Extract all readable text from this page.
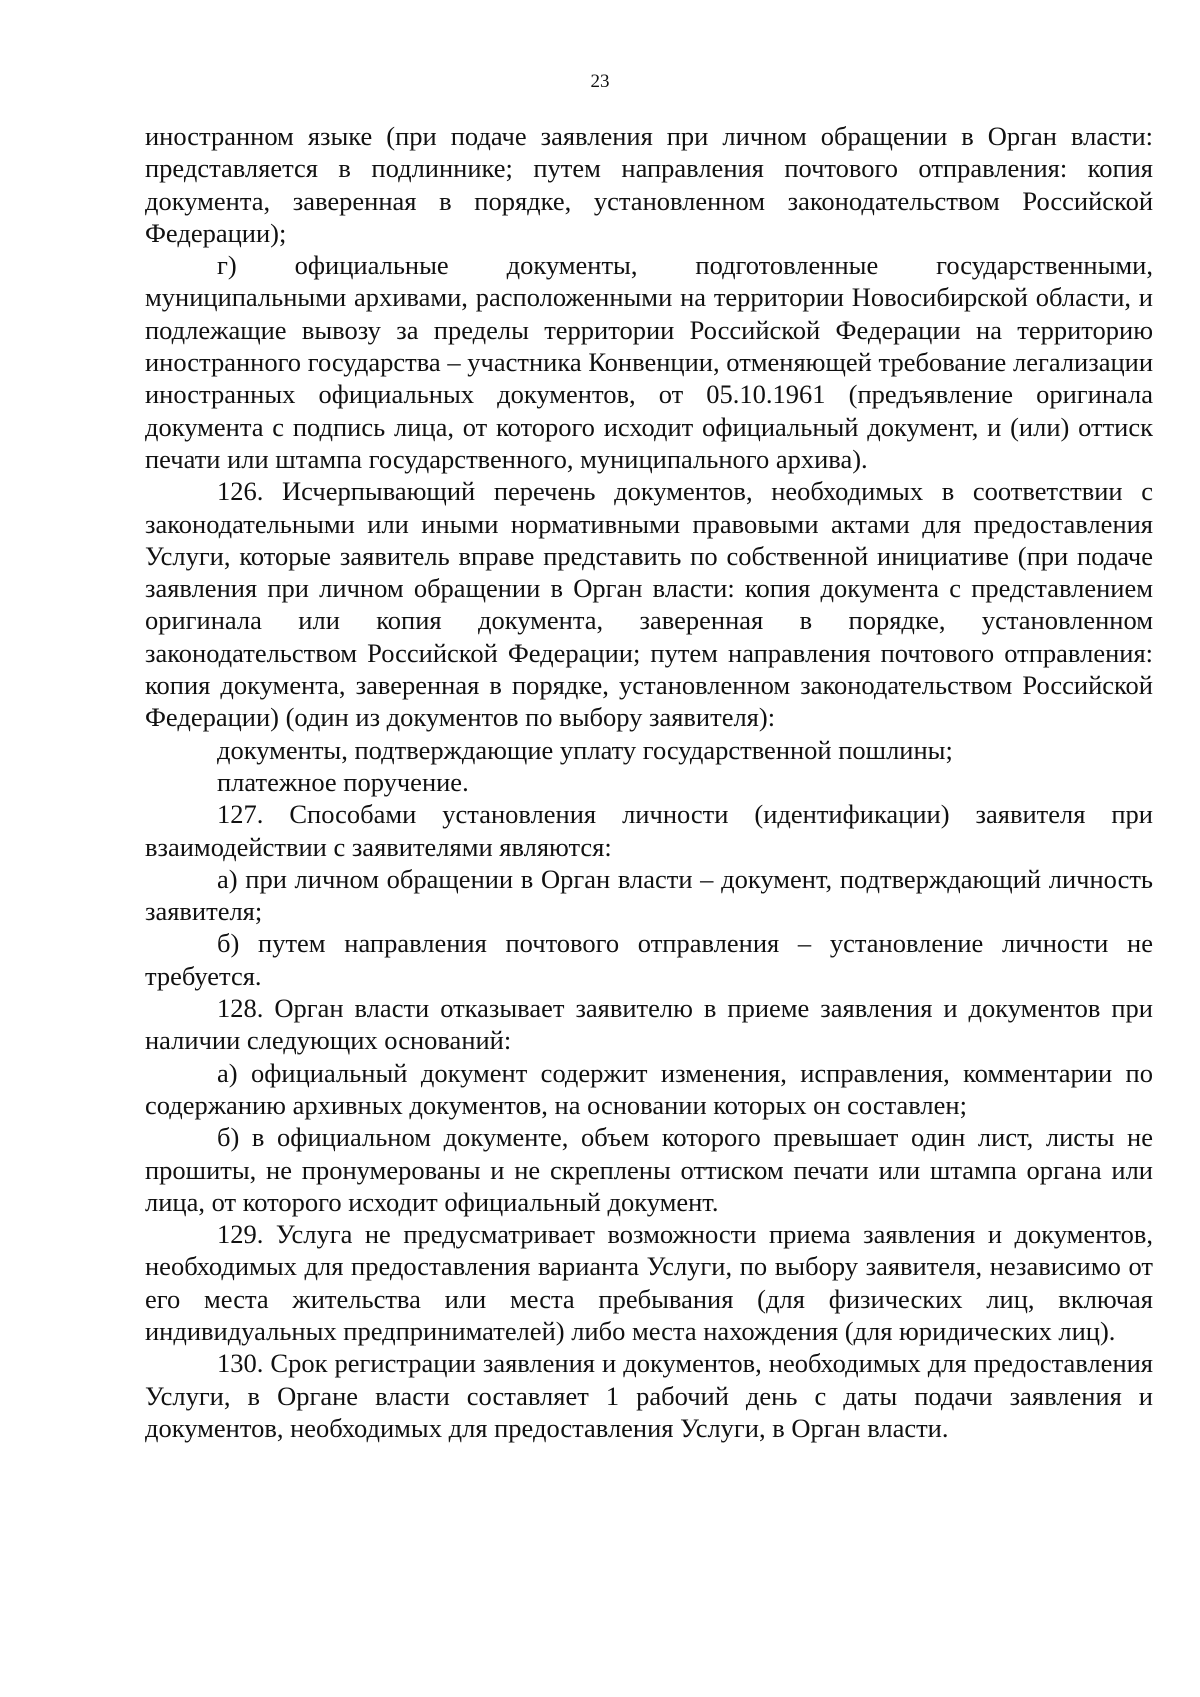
23

иностранном языке (при подаче заявления при личном обращении в Орган власти: представляется в подлиннике; путем направления почтового отправления: копия документа, заверенная в порядке, установленном законодательством Российской Федерации);

г) официальные документы, подготовленные государственными, муниципальными архивами, расположенными на территории Новосибирской области, и подлежащие вывозу за пределы территории Российской Федерации на территорию иностранного государства – участника Конвенции, отменяющей требование легализации иностранных официальных документов, от 05.10.1961 (предъявление оригинала документа с подпись лица, от которого исходит официальный документ, и (или) оттиск печати или штампа государственного, муниципального архива).

126. Исчерпывающий перечень документов, необходимых в соответствии с законодательными или иными нормативными правовыми актами для предоставления Услуги, которые заявитель вправе представить по собственной инициативе (при подаче заявления при личном обращении в Орган власти: копия документа с представлением оригинала или копия документа, заверенная в порядке, установленном законодательством Российской Федерации; путем направления почтового отправления: копия документа, заверенная в порядке, установленном законодательством Российской Федерации) (один из документов по выбору заявителя):

документы, подтверждающие уплату государственной пошлины;

платежное поручение.

127. Способами установления личности (идентификации) заявителя при взаимодействии с заявителями являются:

а) при личном обращении в Орган власти – документ, подтверждающий личность заявителя;

б) путем направления почтового отправления – установление личности не требуется.

128. Орган власти отказывает заявителю в приеме заявления и документов при наличии следующих оснований:

а) официальный документ содержит изменения, исправления, комментарии по содержанию архивных документов, на основании которых он составлен;

б) в официальном документе, объем которого превышает один лист, листы не прошиты, не пронумерованы и не скреплены оттиском печати или штампа органа или лица, от которого исходит официальный документ.

129. Услуга не предусматривает возможности приема заявления и документов, необходимых для предоставления варианта Услуги, по выбору заявителя, независимо от его места жительства или места пребывания (для физических лиц, включая индивидуальных предпринимателей) либо места нахождения (для юридических лиц).

130. Срок регистрации заявления и документов, необходимых для предоставления Услуги, в Органе власти составляет 1 рабочий день с даты подачи заявления и документов, необходимых для предоставления Услуги, в Орган власти.
